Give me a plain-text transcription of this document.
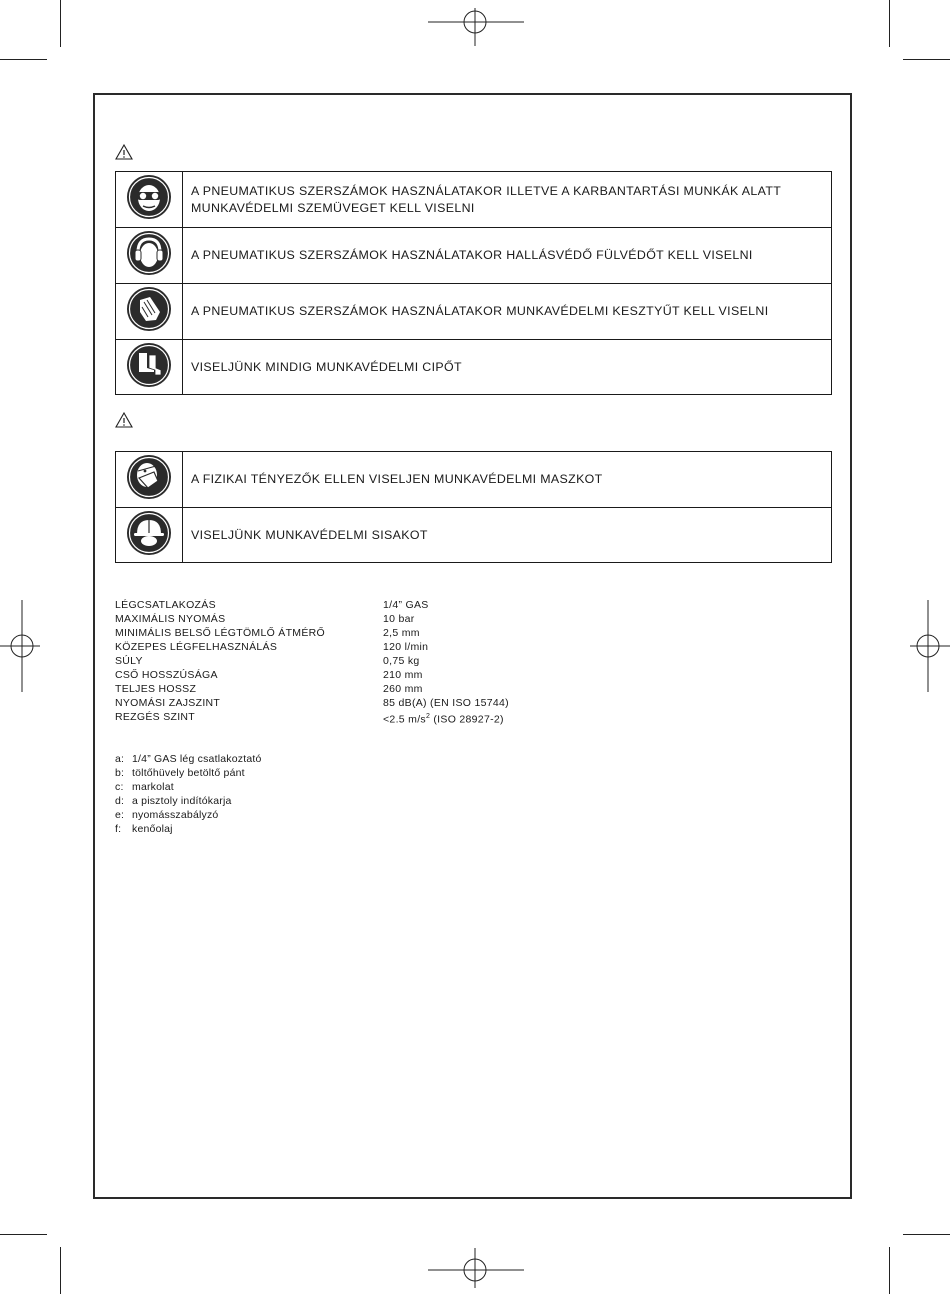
	A PNEUMATIKUS SZERSZÁMOK HASZNÁLATAKOR ILLETVE A KARBANTARTÁSI MUNKÁK ALATT MUNKAVÉDELMI SZEMÜVEGET KELL VISELNI
	A PNEUMATIKUS SZERSZÁMOK HASZNÁLATAKOR HALLÁSVÉDŐ FÜLVÉDŐT KELL VISELNI
	A PNEUMATIKUS SZERSZÁMOK HASZNÁLATAKOR MUNKAVÉDELMI KESZTYŰT KELL VISELNI
	VISELJÜNK MINDIG MUNKAVÉDELMI CIPŐT
	A FIZIKAI TÉNYEZŐK ELLEN VISELJEN MUNKAVÉDELMI MASZKOT
	VISELJÜNK MUNKAVÉDELMI SISAKOT
LÉGCSATLAKOZÁS	1/4” GAS
MAXIMÁLIS NYOMÁS	10 bar
MINIMÁLIS BELSŐ LÉGTÖMLŐ ÁTMÉRŐ	2,5 mm
KÖZEPES LÉGFELHASZNÁLÁS	120 l/min
SÚLY	0,75 kg
CSŐ HOSSZÚSÁGA	210 mm
TELJES HOSSZ	260 mm
NYOMÁSI ZAJSZINT	85 dB(A) (EN ISO 15744)
REZGÉS SZINT	<2.5 $m/s^2$ (ISO 28927-2)
a: 1/4” GAS lég csatlakoztató
b: töltőhüvely betöltő pánt
c: markolat
d: a pisztoly indítókarja
e: nyomásszabályzó
f:	kenőolaj
